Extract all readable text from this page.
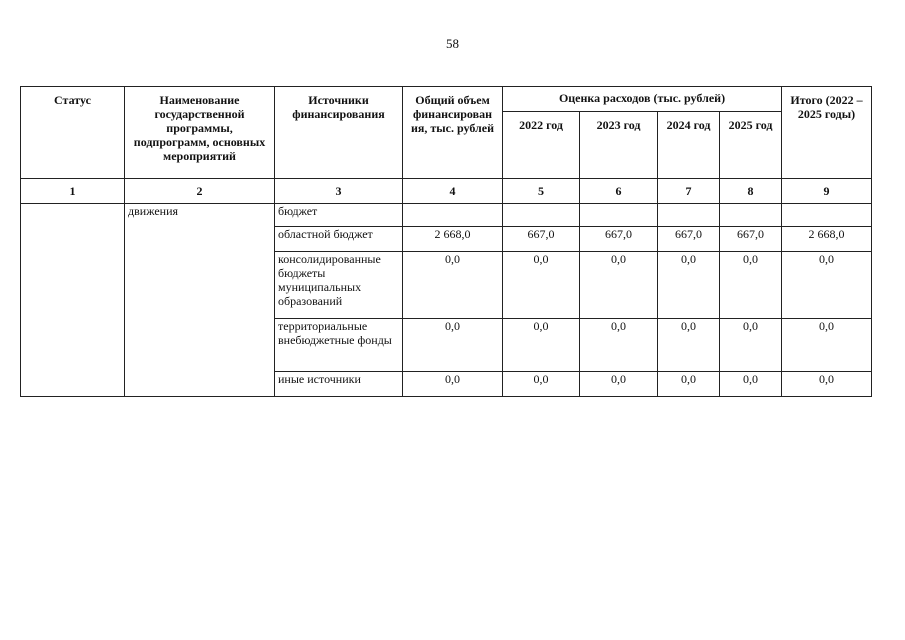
58
Статус	Наименование государственной программы, подпрограмм, основных мероприятий	Источники финансирования	Общий объем финансирован ия, тыс. рублей	Оценка расходов (тыс. рублей)				Итого (2022 – 2025 годы)
				2022 год	2023 год	2024 год	2025 год	
1	2	3	4	5	6	7	8	9
	движения	бюджет						
		областной бюджет	2 668,0	667,0	667,0	667,0	667,0	2 668,0
		консолидированные бюджеты муниципальных образований	0,0	0,0	0,0	0,0	0,0	0,0
		территориальные внебюджетные фонды	0,0	0,0	0,0	0,0	0,0	0,0
		иные источники	0,0	0,0	0,0	0,0	0,0	0,0
